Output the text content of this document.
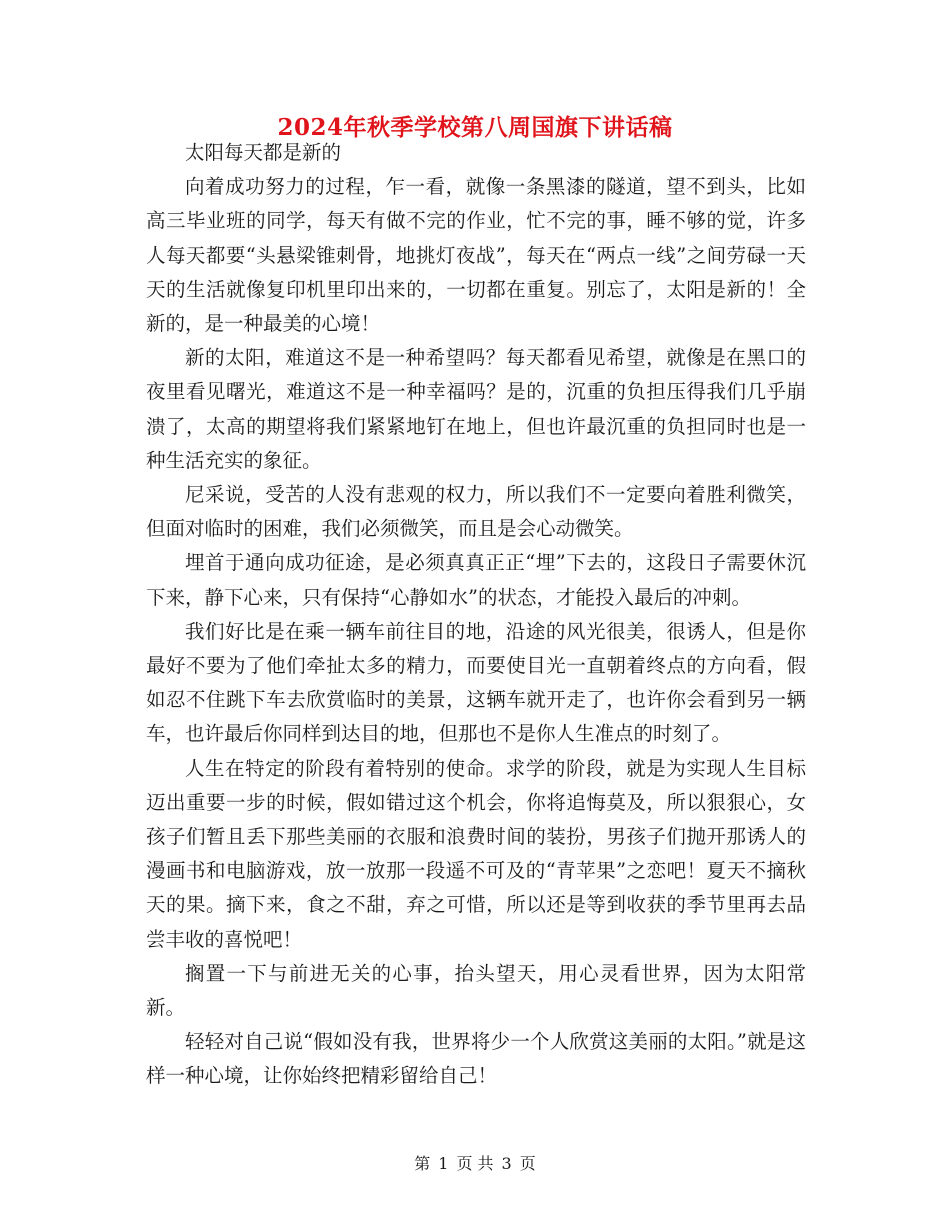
2024年秋季学校第八周国旗下讲话稿

太阳每天都是新的

向着成功努力的过程，乍一看，就像一条黑漆的隧道，望不到头，比如高三毕业班的同学，每天有做不完的作业，忙不完的事，睡不够的觉，许多人每天都要“头悬梁锥刺骨，地挑灯夜战”，每天在“两点一线”之间劳碌一天天的生活就像复印机里印出来的，一切都在重复。别忘了，太阳是新的！全新的，是一种最美的心境！

新的太阳，难道这不是一种希望吗？每天都看见希望，就像是在黑口的夜里看见曙光，难道这不是一种幸福吗？是的，沉重的负担压得我们几乎崩溃了，太高的期望将我们紧紧地钉在地上，但也许最沉重的负担同时也是一种生活充实的象征。

尼采说，受苦的人没有悲观的权力，所以我们不一定要向着胜利微笑，但面对临时的困难，我们必须微笑，而且是会心动微笑。

埋首于通向成功征途，是必须真真正正“埋”下去的，这段日子需要休沉下来，静下心来，只有保持“心静如水”的状态，才能投入最后的冲刺。

我们好比是在乘一辆车前往目的地，沿途的风光很美，很诱人，但是你最好不要为了他们牵扯太多的精力，而要使目光一直朝着终点的方向看，假如忍不住跳下车去欣赏临时的美景，这辆车就开走了，也许你会看到另一辆车，也许最后你同样到达目的地，但那也不是你人生准点的时刻了。

人生在特定的阶段有着特别的使命。求学的阶段，就是为实现人生目标迈出重要一步的时候，假如错过这个机会，你将追悔莫及，所以狠狠心，女孩子们暂且丢下那些美丽的衣服和浪费时间的装扮，男孩子们抛开那诱人的漫画书和电脑游戏，放一放那一段遥不可及的“青苹果”之恋吧！夏天不摘秋天的果。摘下来，食之不甜，弃之可惜，所以还是等到收获的季节里再去品尝丰收的喜悦吧！

搁置一下与前进无关的心事，抬头望天，用心灵看世界，因为太阳常新。

轻轻对自己说“假如没有我，世界将少一个人欣赏这美丽的太阳。”就是这样一种心境，让你始终把精彩留给自己！

第 1 页 共 3 页
